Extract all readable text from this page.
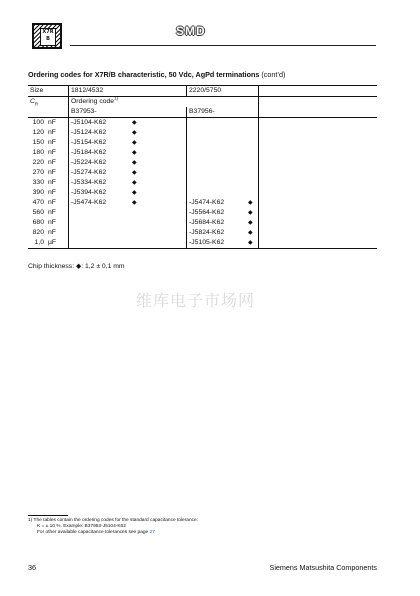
X7R
B
SMD
Ordering codes for X7R/B characteristic, 50 Vdc, AgPd terminations (cont’d)
Size	1812/4532		2220/5750			
$C_R$	Ordering code$^{1)}$		
	B37953-		B37956-			
100 nF	-J5104-K62	◆				
120 nF	-J5124-K62	◆				
150 nF	-J5154-K62	◆				
180 nF	-J5184-K62	◆				
220 nF	-J5224-K62	◆				
270 nF	-J5274-K62	◆				
330 nF	-J5334-K62	◆				
390 nF	-J5394-K62	◆				
470 nF	-J5474-K62	◆	-J5474-K62	◆		
560 nF			-J5564-K62	◆		
680 nF			-J5684-K62	◆		
820 nF			-J5824-K62	◆		
1,0 µF			-J5105-K62	◆		
Chip thickness: ◆: 1,2 ± 0,1 mm
维库电子市场网
1) The tables contain the ordering codes for the standard capacitance tolerance:
K = ± 10 %. Example: B37953-J5104-K62
For other available capacitance tolerances see page 27
36	Siemens Matsushita Components
